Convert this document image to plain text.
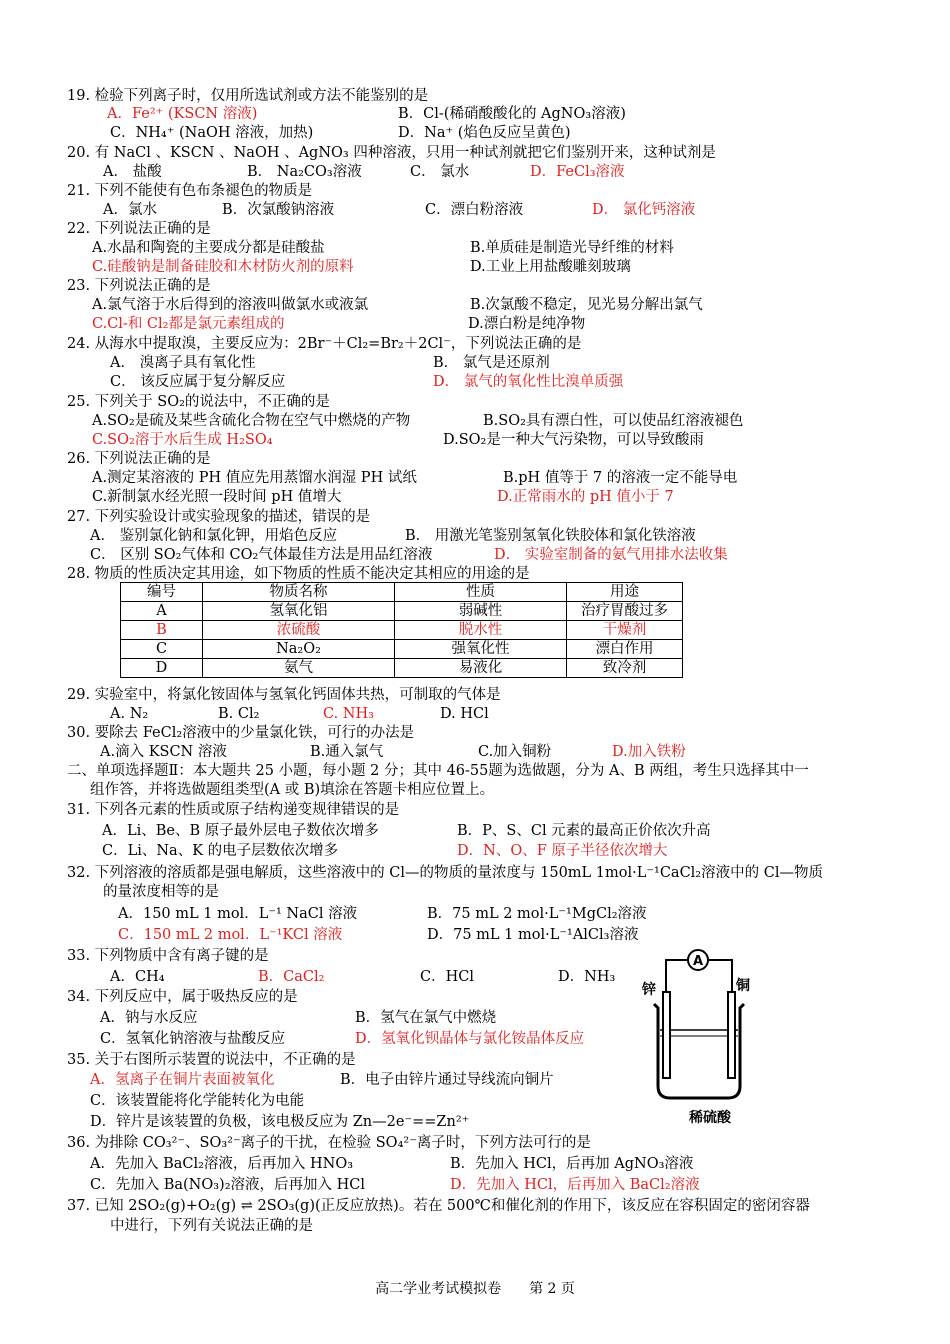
19. 检验下列离子时，仅用所选试剂或方法不能鉴别的是
A．Fe²⁺ (KSCN 溶液)	B．Cl-(稀硝酸酸化的 AgNO₃溶液)
C．NH₄⁺ (NaOH 溶液，加热)	D．Na⁺ (焰色反应呈黄色)
20. 有 NaCl 、KSCN 、NaOH 、AgNO₃ 四种溶液，只用一种试剂就把它们鉴别开来，这种试剂是
A． 盐酸	B． Na₂CO₃溶液	C． 氯水	D．FeCl₃溶液
21. 下列不能使有色布条褪色的物质是
A．氯水	B．次氯酸钠溶液	C．漂白粉溶液	D． 氯化钙溶液
22. 下列说法正确的是
A.水晶和陶瓷的主要成分都是硅酸盐	B.单质硅是制造光导纤维的材料
C.硅酸钠是制备硅胶和木材防火剂的原料	D.工业上用盐酸雕刻玻璃
23. 下列说法正确的是
A.氯气溶于水后得到的溶液叫做氯水或液氯	B.次氯酸不稳定，见光易分解出氯气
C.Cl-和 Cl₂都是氯元素组成的	D.漂白粉是纯净物
24. 从海水中提取溴，主要反应为：2Br⁻＋Cl₂=Br₂＋2Cl⁻，下列说法正确的是
A． 溴离子具有氧化性	B． 氯气是还原剂
C． 该反应属于复分解反应	D． 氯气的氧化性比溴单质强
25. 下列关于 SO₂的说法中，不正确的是
A.SO₂是硫及某些含硫化合物在空气中燃烧的产物	B.SO₂具有漂白性，可以使品红溶液褪色
C.SO₂溶于水后生成 H₂SO₄	D.SO₂是一种大气污染物，可以导致酸雨
26. 下列说法正确的是
A.测定某溶液的 PH 值应先用蒸馏水润湿 PH 试纸	B.pH 值等于 7 的溶液一定不能导电
C.新制氯水经光照一段时间 pH 值增大	D.正常雨水的 pH 值小于 7
27. 下列实验设计或实验现象的描述，错误的是
A． 鉴别氯化钠和氯化钾，用焰色反应	B． 用激光笔鉴别氢氧化铁胶体和氯化铁溶液
C． 区别 SO₂气体和 CO₂气体最佳方法是用品红溶液	D． 实验室制备的氨气用排水法收集
28. 物质的性质决定其用途，如下物质的性质不能决定其相应的用途的是
29. 实验室中，将氯化铵固体与氢氧化钙固体共热，可制取的气体是
A. N₂	B. Cl₂	C. NH₃	D. HCl
30. 要除去 FeCl₂溶液中的少量氯化铁，可行的办法是
A.滴入 KSCN 溶液	B.通入氯气	C.加入铜粉	D.加入铁粉
二、单项选择题Ⅱ：本大题共 25 小题，每小题 2 分；其中 46-55题为选做题，分为 A、B 两组，考生只选择其中一
组作答，并将选做题组类型(A 或 B)填涂在答题卡相应位置上。
31. 下列各元素的性质或原子结构递变规律错误的是
A．Li、Be、B 原子最外层电子数依次增多	B．P、S、Cl 元素的最高正价依次升高
C．Li、Na、K 的电子层数依次增多	D．N、O、F 原子半径依次增大
32. 下列溶液的溶质都是强电解质，这些溶液中的 Cl—的物质的量浓度与 150mL 1mol·L⁻¹CaCl₂溶液中的 Cl—物质
的量浓度相等的是
A．150 mL 1 mol．L⁻¹ NaCl 溶液	B．75 mL 2 mol·L⁻¹MgCl₂溶液
C．150 mL 2 mol．L⁻¹KCl 溶液	D．75 mL 1 mol·L⁻¹AlCl₃溶液
33. 下列物质中含有离子键的是
A．CH₄	B．CaCl₂	C．HCl	D．NH₃
34. 下列反应中，属于吸热反应的是
A．钠与水反应	B．氢气在氯气中燃烧
C．氢氧化钠溶液与盐酸反应	D．氢氧化钡晶体与氯化铵晶体反应
35. 关于右图所示装置的说法中，不正确的是
A．氢离子在铜片表面被氧化	B．电子由锌片通过导线流向铜片
C．该装置能将化学能转化为电能
D．锌片是该装置的负极，该电极反应为 Zn—2e⁻==Zn²⁺
36. 为排除 CO₃²⁻、SO₃²⁻离子的干扰，在检验 SO₄²⁻离子时，下列方法可行的是
A．先加入 BaCl₂溶液，后再加入 HNO₃	B．先加入 HCl，后再加 AgNO₃溶液
C．先加入 Ba(NO₃)₂溶液，后再加入 HCl	D．先加入 HCl，后再加入 BaCl₂溶液
37. 已知 2SO₂(g)+O₂(g) ⇌ 2SO₃(g)(正反应放热)。若在 500℃和催化剂的作用下，该反应在容积固定的密闭容器
中进行，下列有关说法正确的是
编号	物质名称	性质	用途
A	氢氧化铝	弱碱性	治疗胃酸过多
B	浓硫酸	脱水性	干燥剂
C	Na₂O₂	强氧化性	漂白作用
D	氨气	易液化	致冷剂
A
锌	铜
稀硫酸
高二学业考试模拟卷　　第 2 页
